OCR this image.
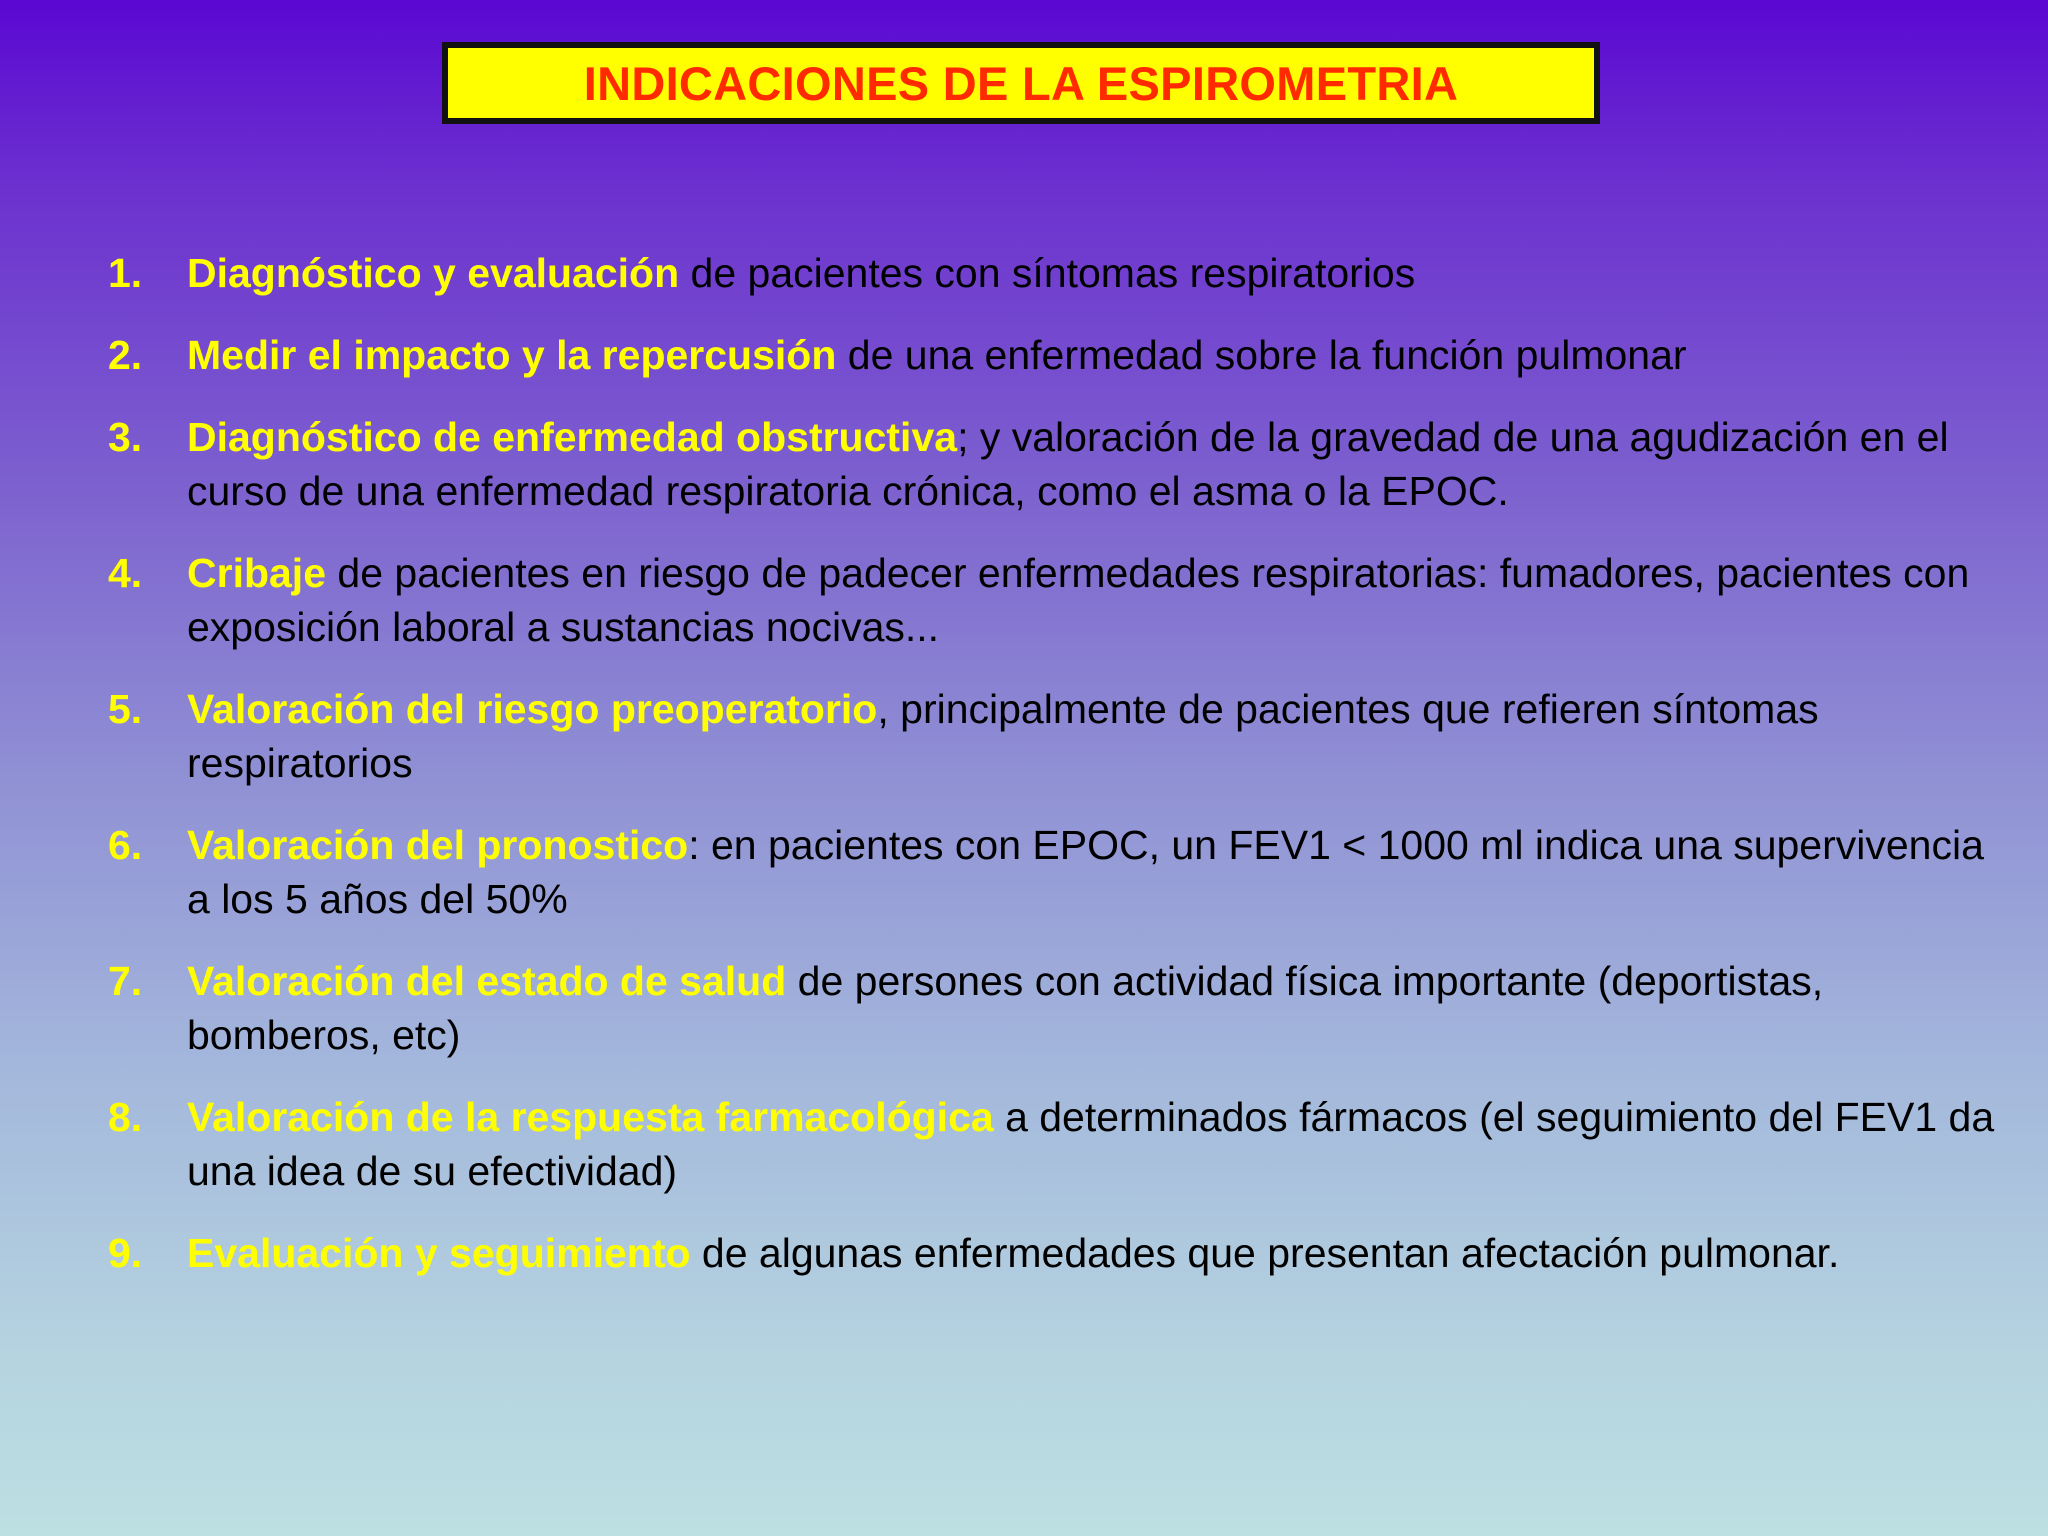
INDICACIONES DE LA ESPIROMETRIA
1. Diagnóstico y evaluación de pacientes con síntomas respiratorios
2. Medir el impacto y la repercusión de una enfermedad sobre la función pulmonar
3. Diagnóstico de enfermedad obstructiva; y valoración de la gravedad de una agudización en el curso de una enfermedad respiratoria crónica, como el asma o la EPOC.
4. Cribaje de pacientes en riesgo de padecer enfermedades respiratorias: fumadores, pacientes con exposición laboral a sustancias nocivas...
5. Valoración del riesgo preoperatorio, principalmente de pacientes que refieren síntomas respiratorios
6. Valoración del pronostico: en pacientes con EPOC, un FEV1 < 1000 ml indica una supervivencia a los 5 años del 50%
7. Valoración del estado de salud de persones con actividad física importante (deportistas, bomberos, etc)
8. Valoración de la respuesta farmacológica a determinados fármacos (el seguimiento del FEV1 da una idea de su efectividad)
9. Evaluación y seguimiento de algunas enfermedades que presentan afectación pulmonar.
